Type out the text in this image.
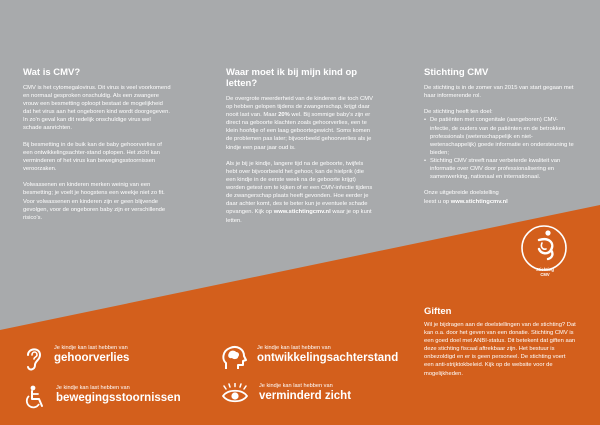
Wat is CMV?

CMV is het cytomegalovirus. Dit virus is veel voorkomend en normaal gesproken onschuldig. Als een zwangere vrouw een besmetting oploopt bestaat de mogelijkheid dat het virus aan het ongeboren kind wordt doorgegeven. In zo'n geval kan dit redelijk onschuldige virus wel schade aanrichten.

Bij besmetting in de buik kan de baby gehoorverlies of een ontwikkelingsachter-stand oplopen. Het zicht kan verminderen of het virus kan bewegingsstoornissen veroorzaken.

Volwassenen en kinderen merken weinig van een besmetting; je voelt je hoogstens een weekje niet zo fit. Voor volwassenen en kinderen zijn er geen blijvende gevolgen, voor de ongeboren baby zijn er verschillende risico's.

Waar moet ik bij mijn kind op letten?

De overgrote meerderheid van de kinderen die toch CMV op hebben gelopen tijdens de zwangerschap, krijgt daar nooit last van. Maar 20% wel. Bij sommige baby's zijn er direct na geboorte klachten zoals gehoorverlies, een te klein hoofdje of een laag geboortegewicht. Soms komen de problemen pas later; bijvoorbeeld gehoorverlies als je kindje een paar jaar oud is.

Als je bij je kindje, langere tijd na de geboorte, twijfels hebt over bijvoorbeeld het gehoor, kan de hielprik (die een kindje in de eerste week na de geboorte krijgt) worden getest om te kijken of er een CMV-infectie tijdens de zwangerschap plaats heeft gevonden. Hoe eerder je daar achter komt, des te beter kun je eventuele schade opvangen. Kijk op www.stichtingcmv.nl waar je op kunt letten.

Stichting CMV

De stichting is in de zomer van 2015 van start gegaan met haar informerende rol.

De stichting heeft ten doel:

• De patiënten met congenitale (aangeboren) CMV-infectie, de ouders van de patiënten en de betrokken professionals (wetenschappelijk en niet-wetenschappelijk) goede informatie en ondersteuning te bieden;
• Stichting CMV streeft naar verbeterde kwaliteit van informatie over CMV door professionalisering en samenwerking, nationaal en internationaal.

Onze uitgebreide doelstelling
leest u op www.stichtingcmv.nl

Stichting
CMV
Giften

Wil je bijdragen aan de doelstellingen van de stichting? Dat kan o.a. door het geven van een donatie. Stichting CMV is een goed doel met ANBI-status. Dit betekent dat giften aan deze stichting fiscaal aftrekbaar zijn. Het bestuur is onbezoldigd en er is geen personeel. De stichting voert een anti-strijktokbeleid. Kijk op de website voor de mogelijkheden.

Je kindje kan last hebben van
gehoorverlies
Je kindje kan last hebben van
bewegingsstoornissen
Je kindje kan last hebben van
ontwikkelingsachterstand
Je kindje kan last hebben van
verminderd zicht
